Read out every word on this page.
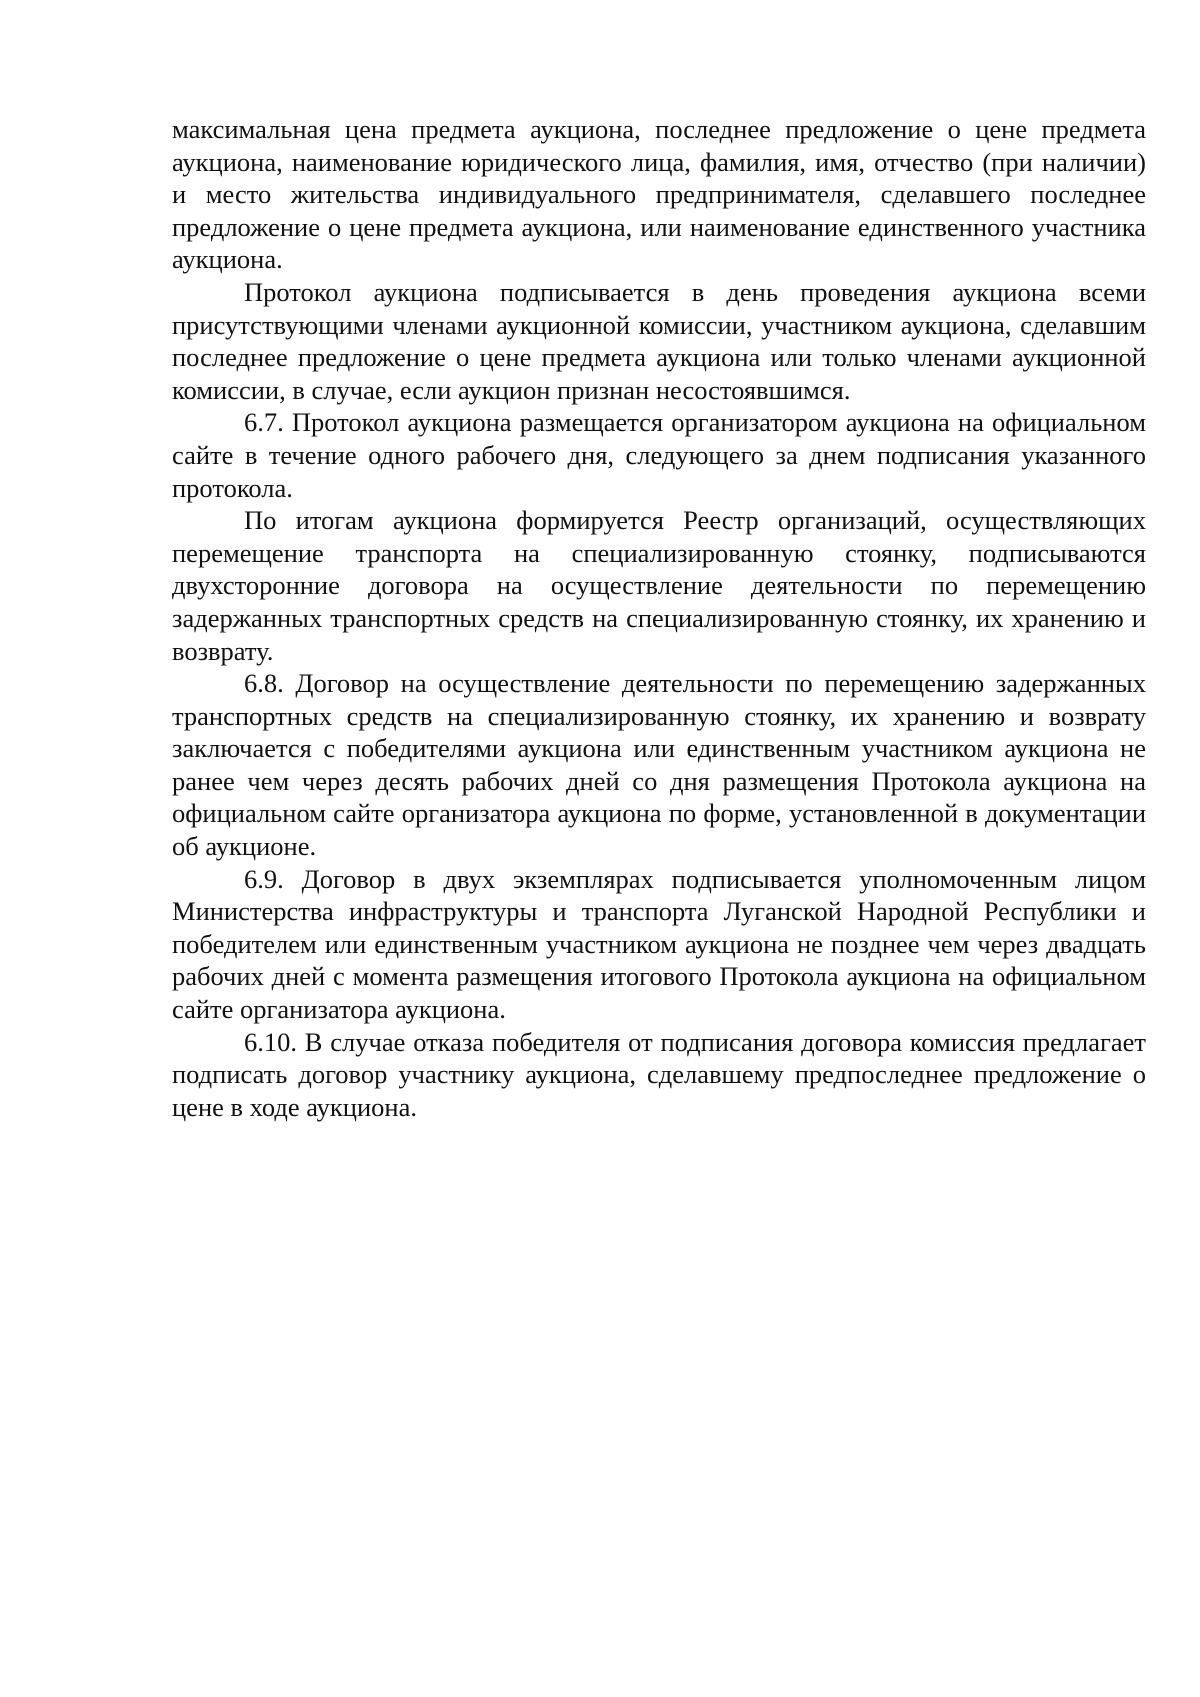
максимальная цена предмета аукциона, последнее предложение о цене предмета аукциона, наименование юридического лица, фамилия, имя, отчество (при наличии) и место жительства индивидуального предпринимателя, сделавшего последнее предложение о цене предмета аукциона, или наименование единственного участника аукциона.

Протокол аукциона подписывается в день проведения аукциона всеми присутствующими членами аукционной комиссии, участником аукциона, сделавшим последнее предложение о цене предмета аукциона или только членами аукционной комиссии, в случае, если аукцион признан несостоявшимся.

6.7. Протокол аукциона размещается организатором аукциона на официальном сайте в течение одного рабочего дня, следующего за днем подписания указанного протокола.

По итогам аукциона формируется Реестр организаций, осуществляющих перемещение транспорта на специализированную стоянку, подписываются двухсторонние договора на осуществление деятельности по перемещению задержанных транспортных средств на специализированную стоянку, их хранению и возврату.

6.8. Договор на осуществление деятельности по перемещению задержанных транспортных средств на специализированную стоянку, их хранению и возврату заключается с победителями аукциона или единственным участником аукциона не ранее чем через десять рабочих дней со дня размещения Протокола аукциона на официальном сайте организатора аукциона по форме, установленной в документации об аукционе.

6.9. Договор в двух экземплярах подписывается уполномоченным лицом Министерства инфраструктуры и транспорта Луганской Народной Республики и победителем или единственным участником аукциона не позднее чем через двадцать рабочих дней с момента размещения итогового Протокола аукциона на официальном сайте организатора аукциона.

6.10. В случае отказа победителя от подписания договора комиссия предлагает подписать договор участнику аукциона, сделавшему предпоследнее предложение о цене в ходе аукциона.
